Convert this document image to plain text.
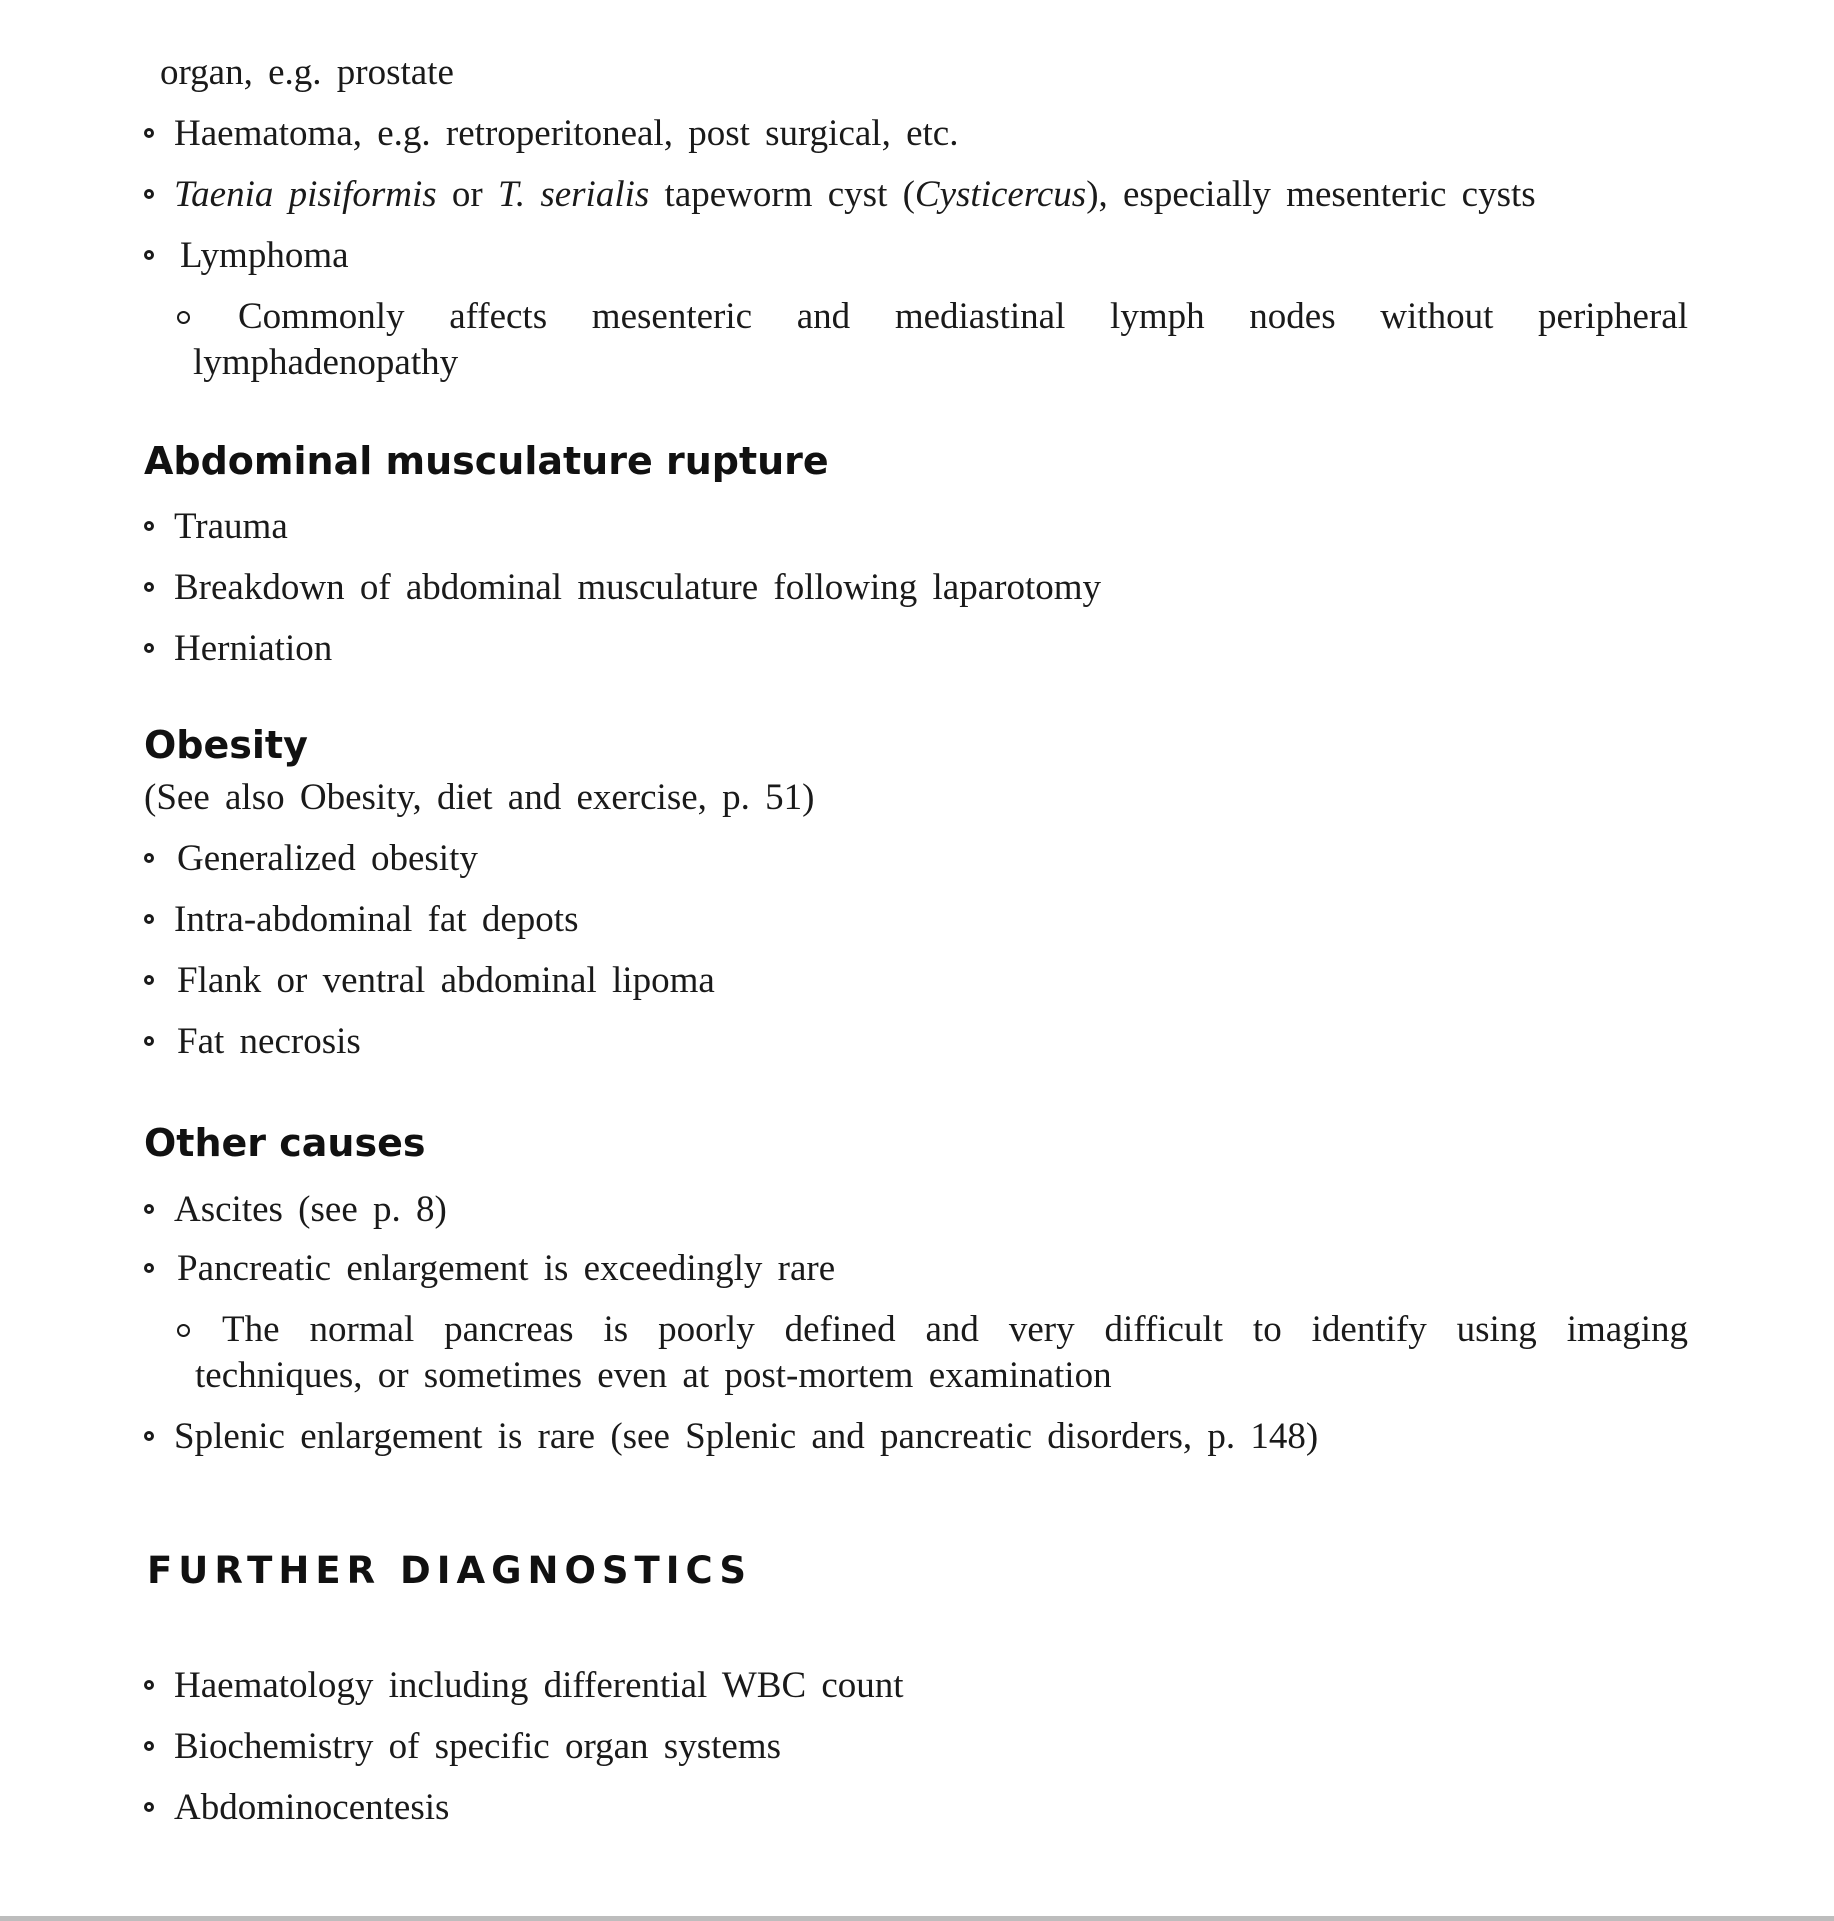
organ, e.g. prostate
Haematoma, e.g. retroperitoneal, post surgical, etc.
Taenia pisiformis or T. serialis tapeworm cyst (Cysticercus), especially mesenteric cysts
Lymphoma
Commonly affects mesenteric and mediastinal lymph nodes without peripheral
lymphadenopathy
Abdominal musculature rupture
Trauma
Breakdown of abdominal musculature following laparotomy
Herniation
Obesity
(See also Obesity, diet and exercise, p. 51)
Generalized obesity
Intra-abdominal fat depots
Flank or ventral abdominal lipoma
Fat necrosis
Other causes
Ascites (see p. 8)
Pancreatic enlargement is exceedingly rare
The normal pancreas is poorly defined and very difficult to identify using imaging
techniques, or sometimes even at post-mortem examination
Splenic enlargement is rare (see Splenic and pancreatic disorders, p. 148)
FURTHER DIAGNOSTICS
Haematology including differential WBC count
Biochemistry of specific organ systems
Abdominocentesis
